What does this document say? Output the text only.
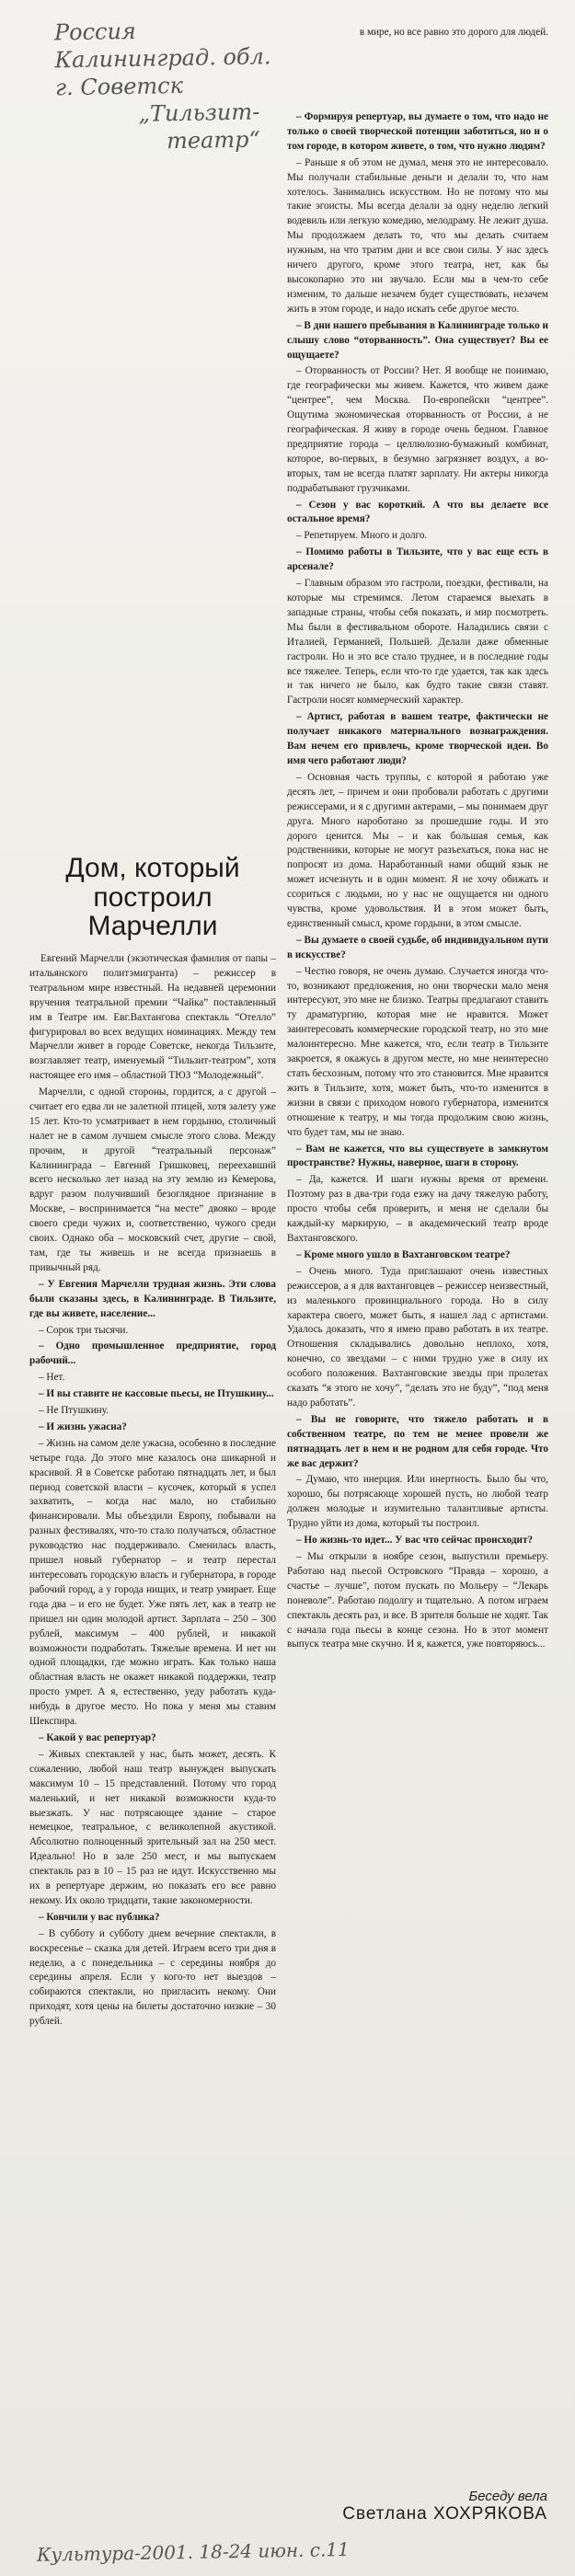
Россия
Калининград. обл.
г. Советск
„Тильзит-
театр“
в мире, но все равно это дорого для людей.

– Формируя репертуар, вы думаете о том, что надо не только о своей творческой потенции заботиться, но и о том городе, в котором живете, о том, что нужно людям?

– Раньше я об этом не думал, меня это не интересовало. Мы получали стабильные деньги и делали то, что нам хотелось. Занимались искусством. Но не потому что мы такие эгоисты. Мы всегда делали за одну неделю легкий водевиль или легкую комедию, мелодраму. Не лежит душа. Мы продолжаем делать то, что мы делать считаем нужным, на что тратим дни и все свои силы. У нас здесь ничего другого, кроме этого театра, нет, как бы высокопарно это ни звучало. Если мы в чем-то себе изменим, то дальше незачем будет существовать, незачем жить в этом городе, и надо искать себе другое место.

– В дни нашего пребывания в Калининграде только и слышу слово “оторванность”. Она существует? Вы ее ощущаете?

– Оторванность от России? Нет. Я вообще не понимаю, где географически мы живем. Кажется, что живем даже “центрее”, чем Москва. По-европейски “центрее”. Ощутима экономическая оторванность от России, а не географическая. Я живу в городе очень бедном. Главное предприятие города – целлюлозно-бумажный комбинат, которое, во-первых, в безумно загрязняет воздух, а во-вторых, там не всегда платят зарплату. Ни актеры никогда подрабатывают грузчиками.

– Сезон у вас короткий. А что вы делаете все остальное время?

– Репетируем. Много и долго.

– Помимо работы в Тильзите, что у вас еще есть в арсенале?

– Главным образом это гастроли, поездки, фестивали, на которые мы стремимся. Летом стараемся выехать в западные страны, чтобы себя показать, и мир посмотреть. Мы были в фестивальном обороте. Наладились связи с Италией, Германией, Польшей. Делали даже обменные гастроли. Но и это все стало труднее, и в последние годы все тяжелее. Теперь, если что-то где удается, так как здесь и так ничего не было, как будто такие связи ставят. Гастроли носят коммерческий характер.

– Артист, работая в вашем театре, фактически не получает никакого материального вознаграждения. Вам нечем его привлечь, кроме творческой идеи. Во имя чего работают люди?

– Основная часть труппы, с которой я работаю уже десять лет, – причем и они пробовали работать с другими режиссерами, и я с другими актерами, – мы понимаем друг друга. Много нароботано за прошедшие годы. И это дорого ценится. Мы – и как большая семья, как родственники, которые не могут разъехаться, пока нас не попросят из дома. Наработанный нами общий язык не может исчезнуть и в один момент. Я не хочу обижать и ссориться с людьми, но у нас не ощущается ни одного чувства, кроме удовольствия. И в этом может быть, единственный смысл, кроме гордыни, в этом смысле.

– Вы думаете о своей судьбе, об индивидуальном пути в искусстве?

– Честно говоря, не очень думаю. Случается иногда что-то, возникают предложения, но они творчески мало меня интересуют, это мне не близко. Театры предлагают ставить ту драматургию, которая мне не нравится. Может заинтересовать коммерческие городской театр, но это мне малоинтересно. Мне кажется, что, если театр в Тильзите закроется, я окажусь в другом месте, но мне неинтересно стать бесхозным, потому что это становится. Мне нравится жить в Тильзите, хотя, может быть, что-то изменится в жизни в связи с приходом нового губернатора, изменится отношение к театру, и мы тогда продолжим свою жизнь, что будет там, мы не знаю.

– Вам не кажется, что вы существуете в замкнутом пространстве? Нужны, наверное, шаги в сторону.

– Да, кажется. И шаги нужны время от времени. Поэтому раз в два-три года езжу на дачу тяжелую работу, просто чтобы себя проверить, и меня не сделали бы каждый-ку маркирую, – в академический театр вроде Вахтанговского.

– Кроме много ушло в Вахтанговском театре?

– Очень много. Туда приглашают очень известных режиссеров, а я для вахтанговцев – режиссер неизвестный, из маленького провинциального города. Но в силу характера своего, может быть, я нашел лад с артистами. Удалось доказать, что я имею право работать в их театре. Отношения складывались довольно неплохо, хотя, конечно, со звездами – с ними трудно уже в силу их особого положения. Вахтанговские звезды при пролетах сказать “я этого не хочу”, “делать это не буду”, “под меня надо работать”.

– Вы не говорите, что тяжело работать и в собственном театре, по тем не менее провели же пятнадцать лет в нем и не родном для себя городе. Что же вас держит?

– Думаю, что инерция. Или инертность. Было бы что, хорошо, бы потрясающе хорошей пусть, но любой театр должен молодые и изумительно талантливые артисты. Трудно уйти из дома, который ты построил.

– Но жизнь-то идет... У вас что сейчас происходит?

– Мы открыли в ноябре сезон, выпустили премьеру. Работаю над пьесой Островского “Правда – хорошо, а счастье – лучше", потом пускать по Мольеру – “Лекарь поневоле”. Работаю подолгу и тщательно. А потом играем спектакль десять раз, и все. В зрителя больше не ходят. Так с начала года пьесы в конце сезона. Но в этот момент выпуск театра мне скучно. И я, кажется, уже повторяюсь...

Дом, который
построил
Марчелли
Евгений Марчелли (экзотическая фамилия от папы – итальянского политэмигранта) – режиссер в театральном мире известный. На недавней церемонии вручения театральной премии “Чайка” поставленный им в Театре им. Евг.Вахтангова спектакль “Отелло” фигурировал во всех ведущих номинациях. Между тем Марчелли живет в городе Советске, некогда Тильзите, возглавляет театр, именуемый “Тильзит-театром”, хотя настоящее его имя – областной ТЮЗ “Молодежный”.

Марчелли, с одной стороны, гордится, а с другой – считает его едва ли не залетной птицей, хотя залету уже 15 лет. Кто-то усматривает в нем гордыню, столичный налет не в самом лучшем смысле этого слова. Между прочим, и другой “театральный персонаж” Калининграда – Евгений Гришковец, переехавший всего несколько лет назад на эту землю из Кемерова, вдруг разом получивший безоглядное признание в Москве, – воспринимается “на месте” двояко – вроде своего среди чужих и, соответственно, чужого среди своих. Однако оба – московский счет, другие – свой, там, где ты живешь и не всегда признаешь в привычный ряд.

– У Евгения Марчелли трудная жизнь. Эти слова были сказаны здесь, в Калининграде. В Тильзите, где вы живете, население...

– Сорок три тысячи.

– Одно промышленное предприятие, город рабочий...

– Нет.

– И вы ставите не кассовые пьесы, не Птушкину...

– Не Птушкину.

– И жизнь ужасна?

– Жизнь на самом деле ужасна, особенно в последние четыре года. До этого мне казалось она шикарной и красивой. Я в Советске работаю пятнадцать лет, и был период советской власти – кусочек, который я успел захватить, – когда нас мало, но стабильно финансировали. Мы объездили Европу, побывали на разных фестивалях, что-то стало получаться, областное руководство нас поддерживало. Сменилась власть, пришел новый губернатор – и театр перестал интересовать городскую власть и губернатора, в городе рабочий город, а у города нищих, и театр умирает. Еще года два – и его не будет. Уже пять лет, как в театр не пришел ни один молодой артист. Зарплата – 250 – 300 рублей, максимум – 400 рублей, и никакой возможности подработать. Тяжелые времена. И нет ни одной площадки, где можно играть. Как только наша областная власть не окажет никакой поддержки, театр просто умрет. А я, естественно, уеду работать куда-нибудь в другое место. Но пока у меня мы ставим Шекспира.

– Какой у вас репертуар?

– Живых спектаклей у нас, быть может, десять. К сожалению, любой наш театр вынужден выпускать максимум 10 – 15 представлений. Потому что город маленький, и нет никакой возможности куда-то выезжать. У нас потрясающее здание – старое немецкое, театральное, с великолепной акустикой. Абсолютно полноценный зрительный зал на 250 мест. Идеально! Но в зале 250 мест, и мы выпускаем спектакль раз в 10 – 15 раз не идут. Искусственно мы их в репертуаре держим, но показать его все равно некому. Их около тридцати, такие закономерности.

– Кончили у вас публика?

– В субботу и субботу днем вечерние спектакли, в воскресенье – сказка для детей. Играем всего три дня в неделю, а с понедельника – с середины ноября до середины апреля. Если у кого-то нет выездов – собираются спектакли, но пригласить некому. Они приходят, хотя цены на билеты достаточно низкие – 30 рублей.

Беседу вела
Светлана ХОХРЯКОВА
Культура-2001. 18-24 июн. с.11
